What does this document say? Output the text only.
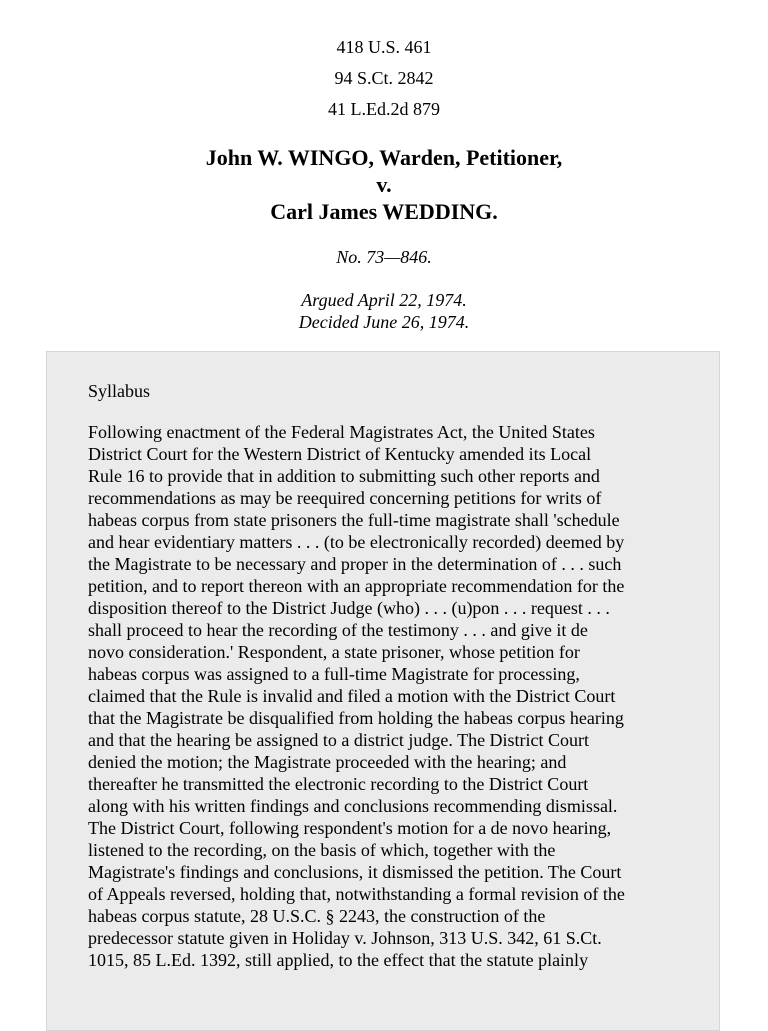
418 U.S. 461
94 S.Ct. 2842
41 L.Ed.2d 879
John W. WINGO, Warden, Petitioner,
v.
Carl James WEDDING.
No. 73—846.
Argued April 22, 1974.
Decided June 26, 1974.
Syllabus
Following enactment of the Federal Magistrates Act, the United States
District Court for the Western District of Kentucky amended its Local
Rule 16 to provide that in addition to submitting such other reports and
recommendations as may be reequired concerning petitions for writs of
habeas corpus from state prisoners the full-time magistrate shall 'schedule
and hear evidentiary matters . . . (to be electronically recorded) deemed by
the Magistrate to be necessary and proper in the determination of . . . such
petition, and to report thereon with an appropriate recommendation for the
disposition thereof to the District Judge (who) . . . (u)pon . . . request . . .
shall proceed to hear the recording of the testimony . . . and give it de
novo consideration.' Respondent, a state prisoner, whose petition for
habeas corpus was assigned to a full-time Magistrate for processing,
claimed that the Rule is invalid and filed a motion with the District Court
that the Magistrate be disqualified from holding the habeas corpus hearing
and that the hearing be assigned to a district judge. The District Court
denied the motion; the Magistrate proceeded with the hearing; and
thereafter he transmitted the electronic recording to the District Court
along with his written findings and conclusions recommending dismissal.
The District Court, following respondent's motion for a de novo hearing,
listened to the recording, on the basis of which, together with the
Magistrate's findings and conclusions, it dismissed the petition. The Court
of Appeals reversed, holding that, notwithstanding a formal revision of the
habeas corpus statute, 28 U.S.C. § 2243, the construction of the
predecessor statute given in Holiday v. Johnson, 313 U.S. 342, 61 S.Ct.
1015, 85 L.Ed. 1392, still applied, to the effect that the statute plainly
